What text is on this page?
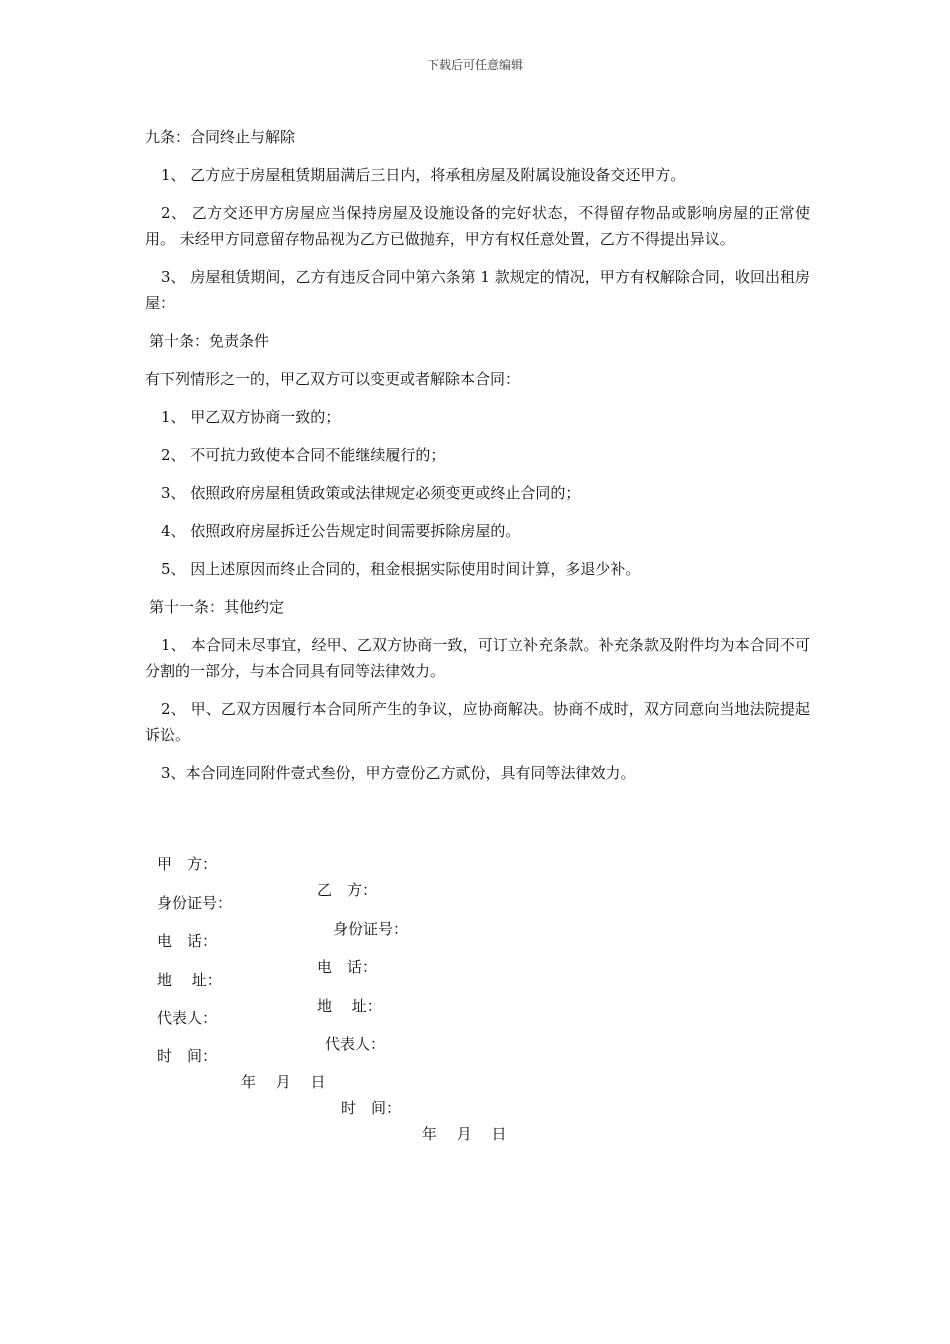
下载后可任意编辑

九条：合同终止与解除

1、 乙方应于房屋租赁期届满后三日内，将承租房屋及附属设施设备交还甲方。

2、 乙方交还甲方房屋应当保持房屋及设施设备的完好状态，不得留存物品或影响房屋的正常使用。 未经甲方同意留存物品视为乙方已做抛弃，甲方有权任意处置，乙方不得提出异议。

3、 房屋租赁期间，乙方有违反合同中第六条第 1 款规定的情况，甲方有权解除合同，收回出租房屋：

第十条：免责条件

有下列情形之一的，甲乙双方可以变更或者解除本合同：

1、 甲乙双方协商一致的；

2、 不可抗力致使本合同不能继续履行的；

3、 依照政府房屋租赁政策或法律规定必须变更或终止合同的；

4、 依照政府房屋拆迁公告规定时间需要拆除房屋的。

5、 因上述原因而终止合同的，租金根据实际使用时间计算，多退少补。

第十一条：其他约定

1、 本合同未尽事宜，经甲、乙双方协商一致，可订立补充条款。补充条款及附件均为本合同不可分割的一部分，与本合同具有同等法律效力。

2、 甲、乙双方因履行本合同所产生的争议，应协商解决。协商不成时，双方同意向当地法院提起诉讼。

3、本合同连同附件壹式叁份，甲方壹份乙方贰份，具有同等法律效力。

甲　方：

乙　方：

身份证号：

身份证号：

电　话：

电　话：

地　 址：

地　 址：

代表人：

代表人：

时　间：

年　 月　 日

时　间：

年　 月　 日
